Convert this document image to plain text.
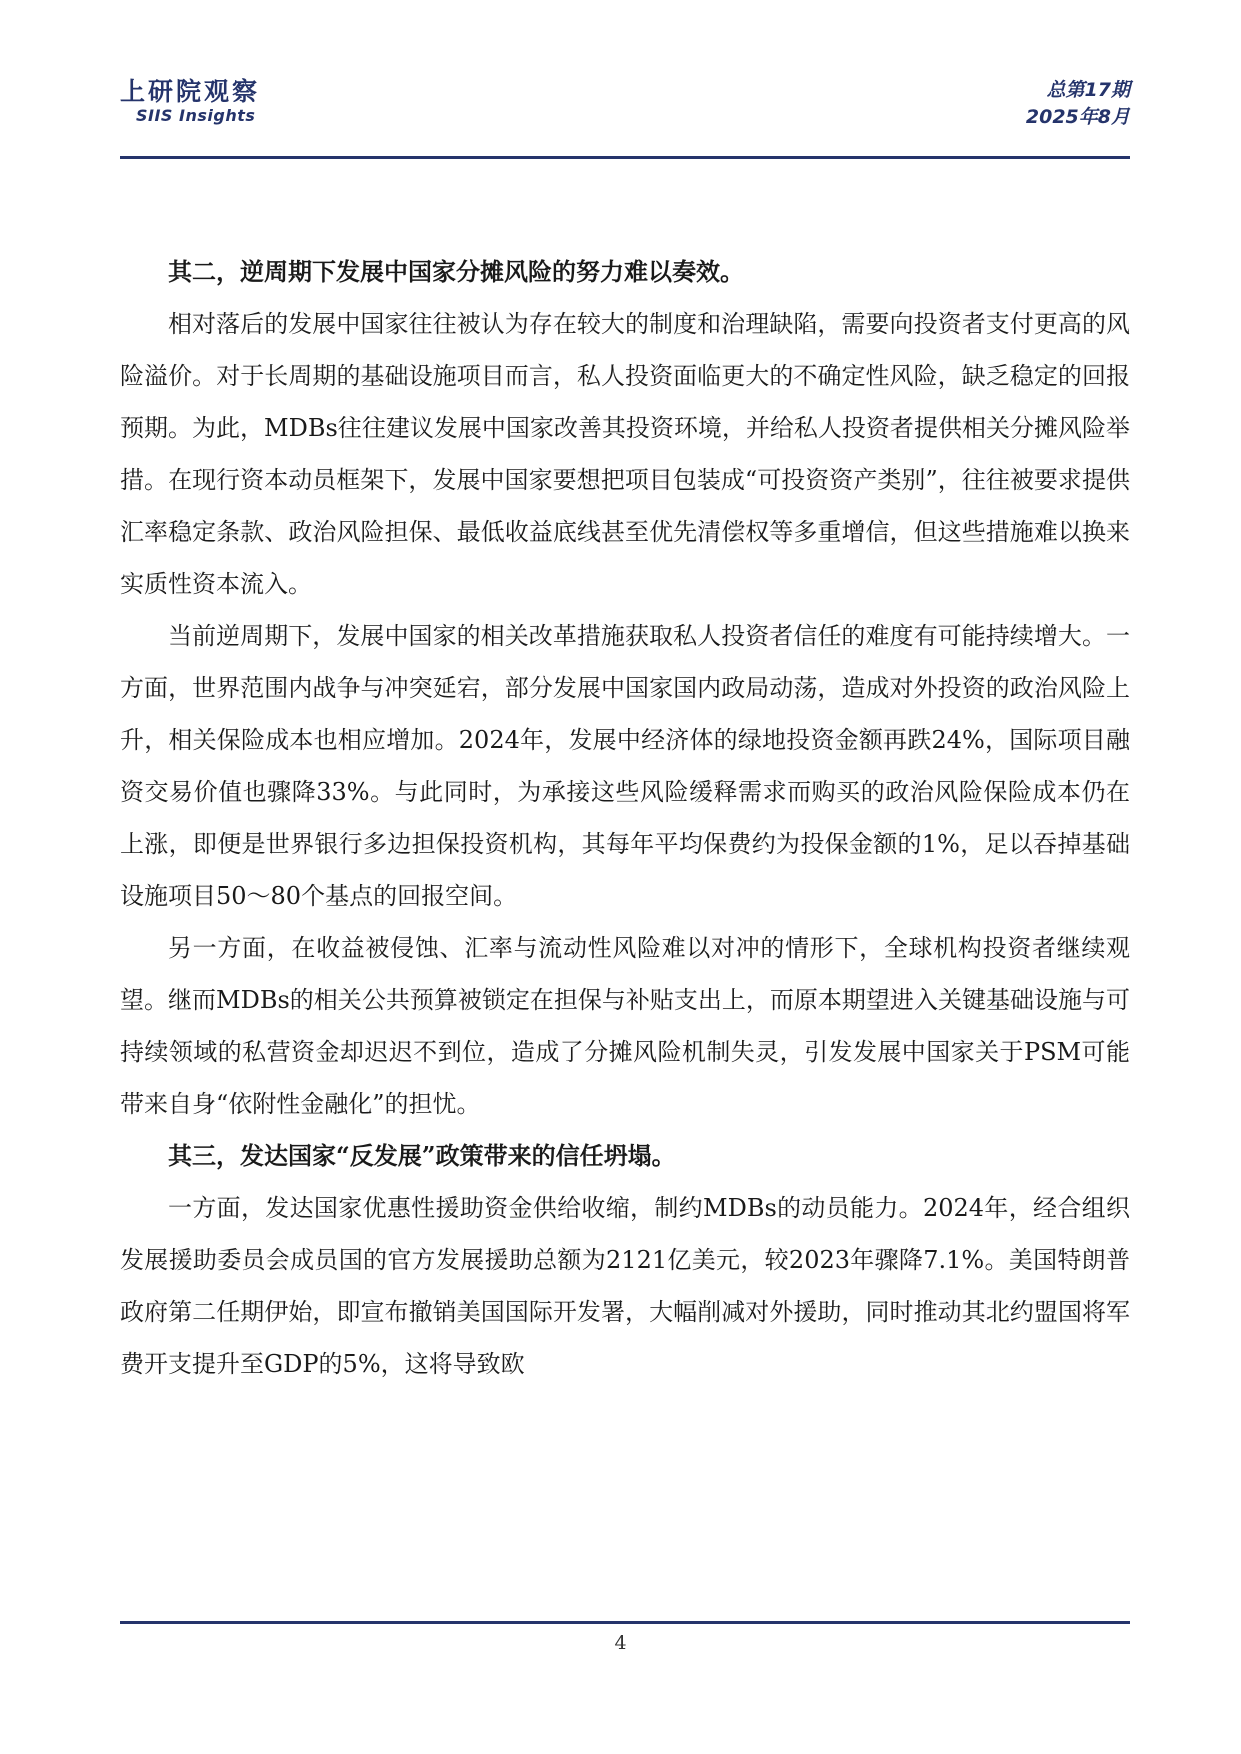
上研院观察
SIIS Insights
总第17期
2025年8月

其二，逆周期下发展中国家分摊风险的努力难以奏效。

相对落后的发展中国家往往被认为存在较大的制度和治理缺陷，需要向投资者支付更高的风险溢价。对于长周期的基础设施项目而言，私人投资面临更大的不确定性风险，缺乏稳定的回报预期。为此，MDBs往往建议发展中国家改善其投资环境，并给私人投资者提供相关分摊风险举措。在现行资本动员框架下，发展中国家要想把项目包装成“可投资资产类别”，往往被要求提供汇率稳定条款、政治风险担保、最低收益底线甚至优先清偿权等多重增信，但这些措施难以换来实质性资本流入。

当前逆周期下，发展中国家的相关改革措施获取私人投资者信任的难度有可能持续增大。一方面，世界范围内战争与冲突延宕，部分发展中国家国内政局动荡，造成对外投资的政治风险上升，相关保险成本也相应增加。2024年，发展中经济体的绿地投资金额再跌24%，国际项目融资交易价值也骤降33%。与此同时，为承接这些风险缓释需求而购买的政治风险保险成本仍在上涨，即便是世界银行多边担保投资机构，其每年平均保费约为投保金额的1%，足以吞掉基础设施项目50～80个基点的回报空间。

另一方面，在收益被侵蚀、汇率与流动性风险难以对冲的情形下，全球机构投资者继续观望。继而MDBs的相关公共预算被锁定在担保与补贴支出上，而原本期望进入关键基础设施与可持续领域的私营资金却迟迟不到位，造成了分摊风险机制失灵，引发发展中国家关于PSM可能带来自身“依附性金融化”的担忧。

其三，发达国家“反发展”政策带来的信任坍塌。

一方面，发达国家优惠性援助资金供给收缩，制约MDBs的动员能力。2024年，经合组织发展援助委员会成员国的官方发展援助总额为2121亿美元，较2023年骤降7.1%。美国特朗普政府第二任期伊始，即宣布撤销美国国际开发署，大幅削减对外援助，同时推动其北约盟国将军费开支提升至GDP的5%，这将导致欧

4
